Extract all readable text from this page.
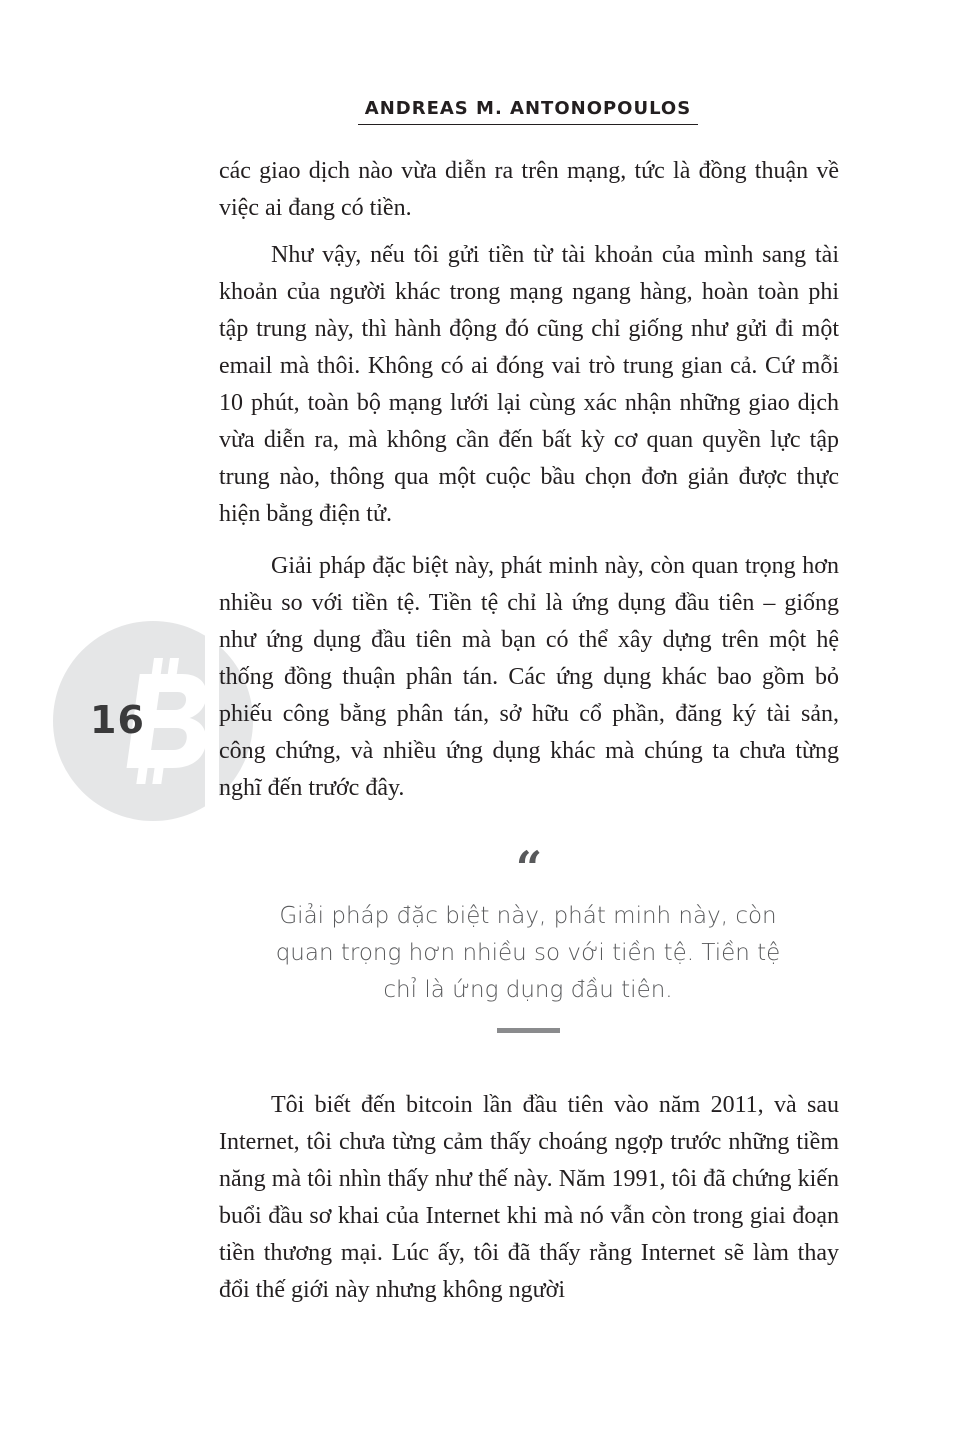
ANDREAS M. ANTONOPOULOS
16

các giao dịch nào vừa diễn ra trên mạng, tức là đồng thuận về việc ai đang có tiền.

Như vậy, nếu tôi gửi tiền từ tài khoản của mình sang tài khoản của người khác trong mạng ngang hàng, hoàn toàn phi tập trung này, thì hành động đó cũng chỉ giống như gửi đi một email mà thôi. Không có ai đóng vai trò trung gian cả. Cứ mỗi 10 phút, toàn bộ mạng lưới lại cùng xác nhận những giao dịch vừa diễn ra, mà không cần đến bất kỳ cơ quan quyền lực tập trung nào, thông qua một cuộc bầu chọn đơn giản được thực hiện bằng điện tử.

Giải pháp đặc biệt này, phát minh này, còn quan trọng hơn nhiều so với tiền tệ. Tiền tệ chỉ là ứng dụng đầu tiên – giống như ứng dụng đầu tiên mà bạn có thể xây dựng trên một hệ thống đồng thuận phân tán. Các ứng dụng khác bao gồm bỏ phiếu công bằng phân tán, sở hữu cổ phần, đăng ký tài sản, công chứng, và nhiều ứng dụng khác mà chúng ta chưa từng nghĩ đến trước đây.

“
Giải pháp đặc biệt này, phát minh này, còn quan trọng hơn nhiều so với tiền tệ. Tiền tệ chỉ là ứng dụng đầu tiên.

Tôi biết đến bitcoin lần đầu tiên vào năm 2011, và sau Internet, tôi chưa từng cảm thấy choáng ngợp trước những tiềm năng mà tôi nhìn thấy như thế này. Năm 1991, tôi đã chứng kiến buổi đầu sơ khai của Internet khi mà nó vẫn còn trong giai đoạn tiền thương mại. Lúc ấy, tôi đã thấy rằng Internet sẽ làm thay đổi thế giới này nhưng không người
